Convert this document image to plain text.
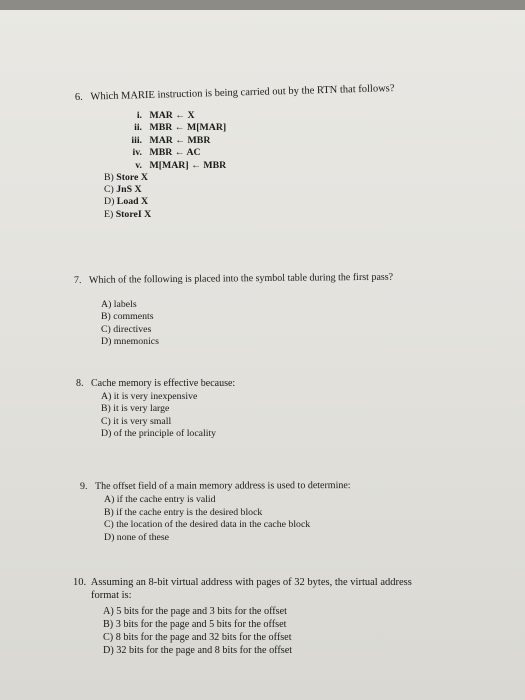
6. Which MARIE instruction is being carried out by the RTN that follows?
i. MAR ← X
ii. MBR ← M[MAR]
iii. MAR ← MBR
iv. MBR ← AC
v. M[MAR] ← MBR
B) Store X
C) JnS X
D) Load X
E) StoreI X
7. Which of the following is placed into the symbol table during the first pass?
A) labels
B) comments
C) directives
D) mnemonics
8. Cache memory is effective because:
A) it is very inexpensive
B) it is very large
C) it is very small
D) of the principle of locality
9. The offset field of a main memory address is used to determine:
A) if the cache entry is valid
B) if the cache entry is the desired block
C) the location of the desired data in the cache block
D) none of these
10. Assuming an 8-bit virtual address with pages of 32 bytes, the virtual address
format is:
A) 5 bits for the page and 3 bits for the offset
B) 3 bits for the page and 5 bits for the offset
C) 8 bits for the page and 32 bits for the offset
D) 32 bits for the page and 8 bits for the offset
